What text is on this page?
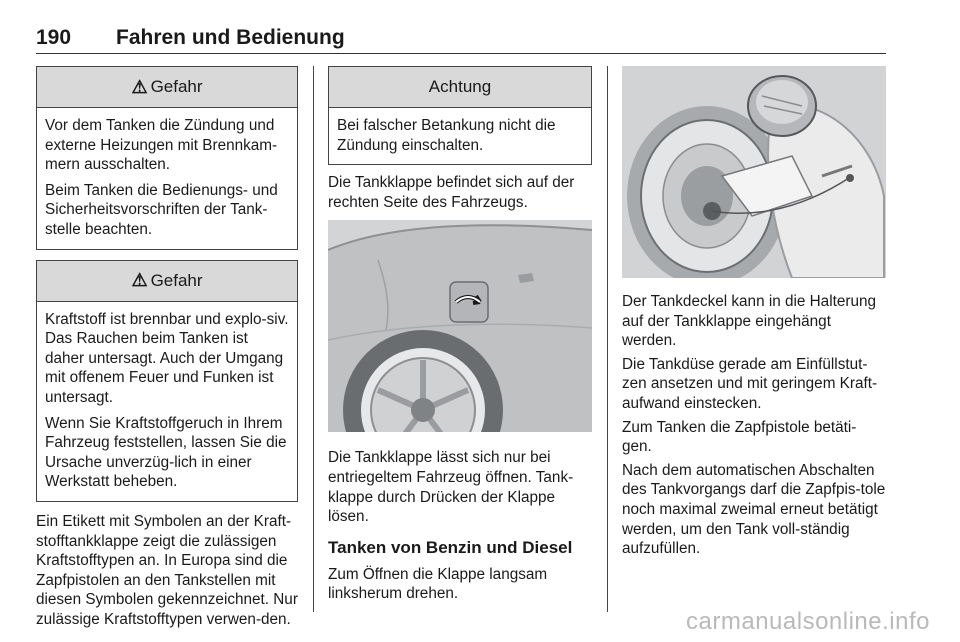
190 Fahren und Bedienung
⚠ Gefahr

Vor dem Tanken die Zündung und externe Heizungen mit Brennkam-mern ausschalten.

Beim Tanken die Bedienungs- und Sicherheitsvorschriften der Tank-stelle beachten.

⚠ Gefahr

Kraftstoff ist brennbar und explo-siv. Das Rauchen beim Tanken ist daher untersagt. Auch der Umgang mit offenem Feuer und Funken ist untersagt.

Wenn Sie Kraftstoffgeruch in Ihrem Fahrzeug feststellen, lassen Sie die Ursache unverzüg-lich in einer Werkstatt beheben.

Ein Etikett mit Symbolen an der Kraft-stofftankklappe zeigt die zulässigen Kraftstofftypen an. In Europa sind die Zapfpistolen an den Tankstellen mit diesen Symbolen gekennzeichnet. Nur zulässige Kraftstofftypen verwen-den.

Achtung

Bei falscher Betankung nicht die Zündung einschalten.

Die Tankklappe befindet sich auf der rechten Seite des Fahrzeugs.

Die Tankklappe lässt sich nur bei entriegeltem Fahrzeug öffnen. Tank-klappe durch Drücken der Klappe lösen.

Tanken von Benzin und Diesel

Zum Öffnen die Klappe langsam linksherum drehen.

Der Tankdeckel kann in die Halterung auf der Tankklappe eingehängt werden.

Die Tankdüse gerade am Einfüllstut-zen ansetzen und mit geringem Kraft-aufwand einstecken.

Zum Tanken die Zapfpistole betäti-gen.

Nach dem automatischen Abschalten des Tankvorgangs darf die Zapfpis-tole noch maximal zweimal erneut betätigt werden, um den Tank voll-ständig aufzufüllen.

carmanualsonline.info
